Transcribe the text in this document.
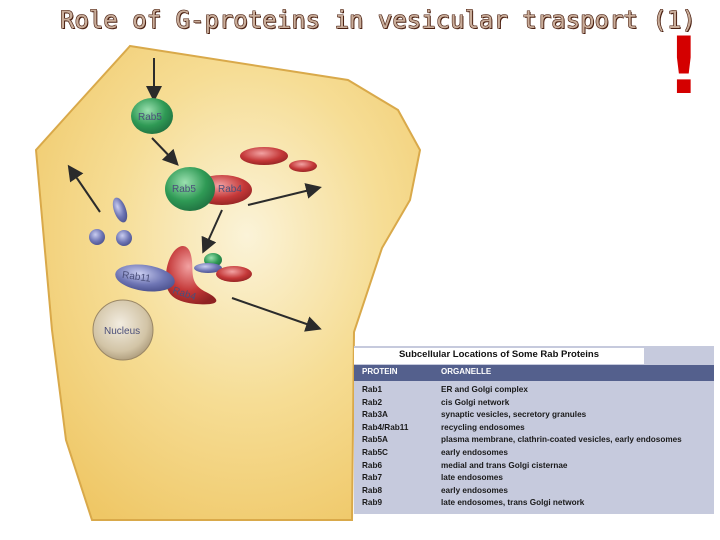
Role of G-proteins in vesicular trasport (1)
!
Rab5
Rab5 Rab4
Rab11
Rab4
Nucleus
Subcellular Locations of Some Rab Proteins
PROTEIN	ORGANELLE
Rab1	ER and Golgi complex
Rab2	cis Golgi network
Rab3A	synaptic vesicles, secretory granules
Rab4/Rab11	recycling endosomes
Rab5A	plasma membrane, clathrin-coated vesicles, early endosomes
Rab5C	early endosomes
Rab6	medial and trans Golgi cisternae
Rab7	late endosomes
Rab8	early endosomes
Rab9	late endosomes, trans Golgi network
